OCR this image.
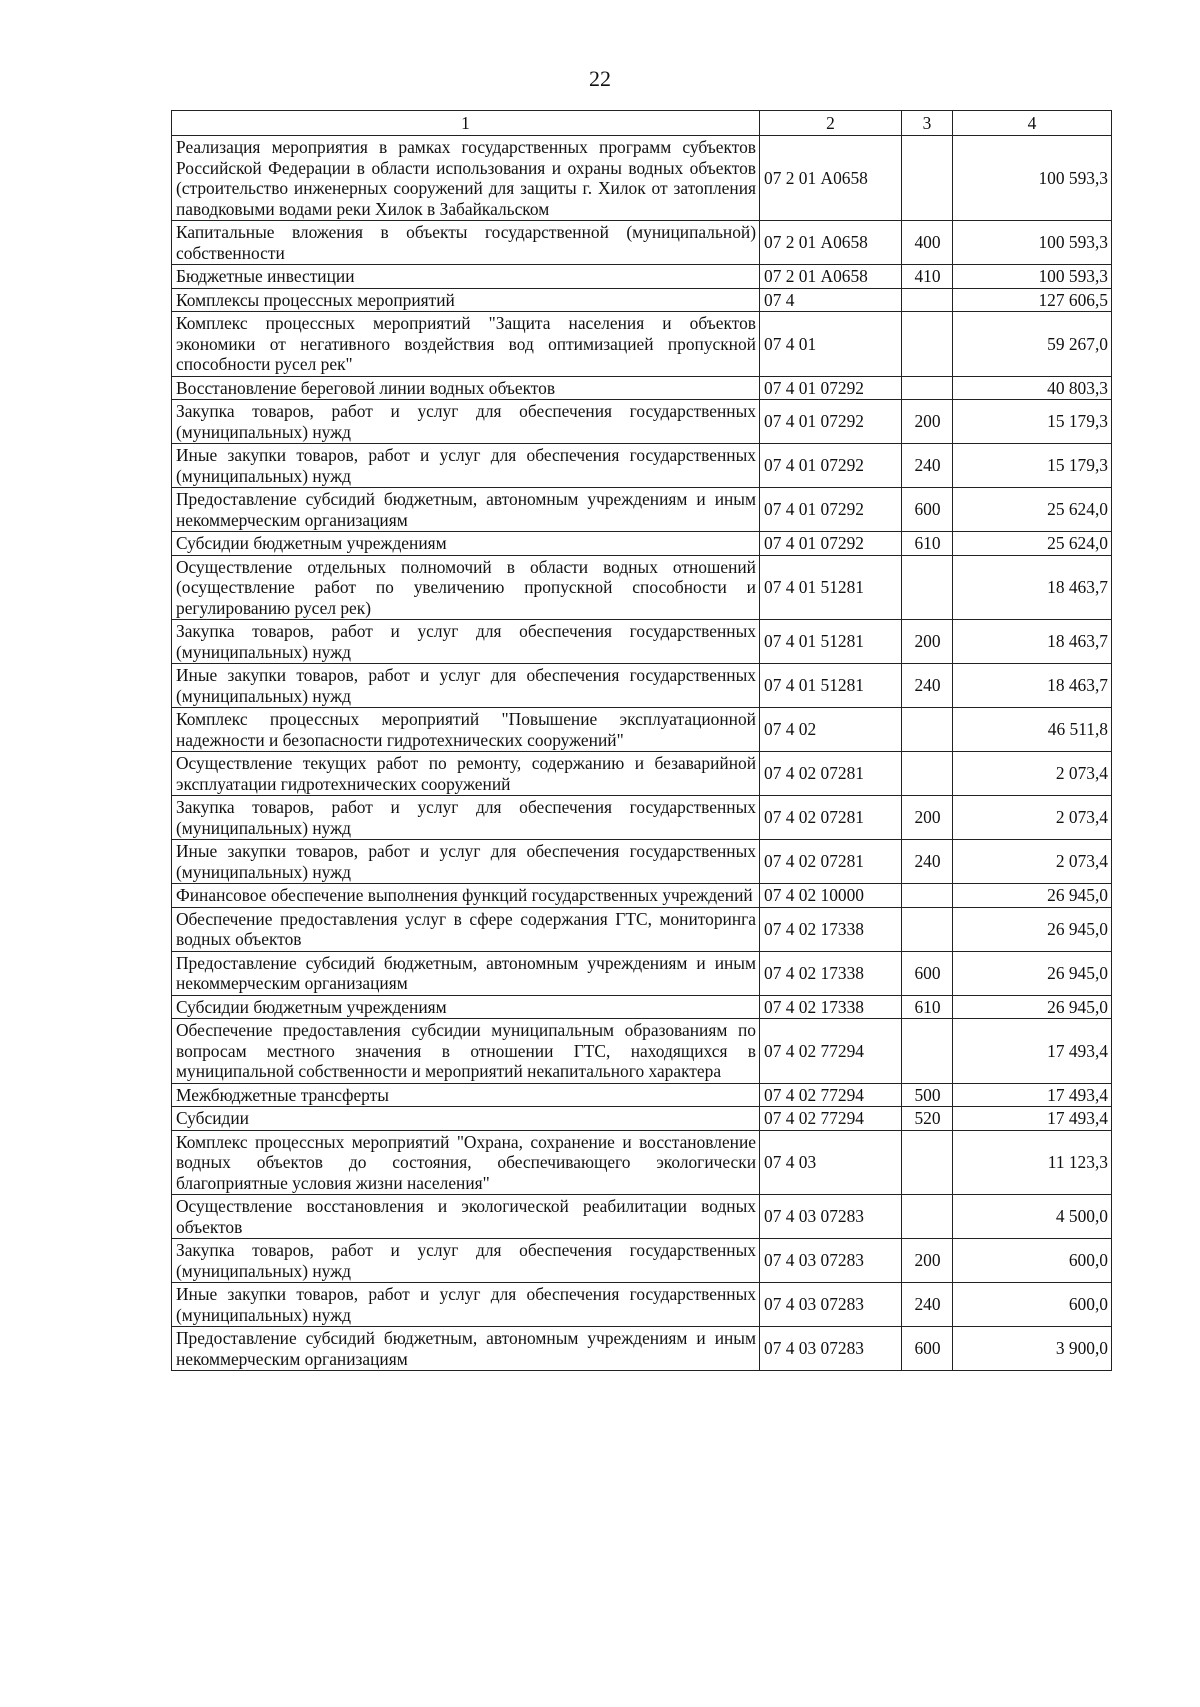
22
1	2	3	4
Реализация мероприятия в рамках государственных программ субъектов Российской Федерации в области использования и охраны водных объектов (строительство инженерных сооружений для защиты г. Хилок от затопления паводковыми водами реки Хилок в Забайкальском	07 2 01 А0658		100 593,3
Капитальные вложения в объекты государственной (муниципальной) собственности	07 2 01 А0658	400	100 593,3
Бюджетные инвестиции	07 2 01 А0658	410	100 593,3
Комплексы процессных мероприятий	07 4		127 606,5
Комплекс процессных мероприятий "Защита населения и объектов экономики от негативного воздействия вод оптимизацией пропускной способности русел рек"	07 4 01		59 267,0
Восстановление береговой линии водных объектов	07 4 01 07292		40 803,3
Закупка товаров, работ и услуг для обеспечения государственных (муниципальных) нужд	07 4 01 07292	200	15 179,3
Иные закупки товаров, работ и услуг для обеспечения государственных (муниципальных) нужд	07 4 01 07292	240	15 179,3
Предоставление субсидий бюджетным, автономным учреждениям и иным некоммерческим организациям	07 4 01 07292	600	25 624,0
Субсидии бюджетным учреждениям	07 4 01 07292	610	25 624,0
Осуществление отдельных полномочий в области водных отношений (осуществление работ по увеличению пропускной способности и регулированию русел рек)	07 4 01 51281		18 463,7
Закупка товаров, работ и услуг для обеспечения государственных (муниципальных) нужд	07 4 01 51281	200	18 463,7
Иные закупки товаров, работ и услуг для обеспечения государственных (муниципальных) нужд	07 4 01 51281	240	18 463,7
Комплекс процессных мероприятий "Повышение эксплуатационной надежности и безопасности гидротехнических сооружений"	07 4 02		46 511,8
Осуществление текущих работ по ремонту, содержанию и безаварийной эксплуатации гидротехнических сооружений	07 4 02 07281		2 073,4
Закупка товаров, работ и услуг для обеспечения государственных (муниципальных) нужд	07 4 02 07281	200	2 073,4
Иные закупки товаров, работ и услуг для обеспечения государственных (муниципальных) нужд	07 4 02 07281	240	2 073,4
Финансовое обеспечение выполнения функций государственных учреждений	07 4 02 10000		26 945,0
Обеспечение предоставления услуг в сфере содержания ГТС, мониторинга водных объектов	07 4 02 17338		26 945,0
Предоставление субсидий бюджетным, автономным учреждениям и иным некоммерческим организациям	07 4 02 17338	600	26 945,0
Субсидии бюджетным учреждениям	07 4 02 17338	610	26 945,0
Обеспечение предоставления субсидии муниципальным образованиям по вопросам местного значения в отношении ГТС, находящихся в муниципальной собственности и мероприятий некапитального характера	07 4 02 77294		17 493,4
Межбюджетные трансферты	07 4 02 77294	500	17 493,4
Субсидии	07 4 02 77294	520	17 493,4
Комплекс процессных мероприятий "Охрана, сохранение и восстановление водных объектов до состояния, обеспечивающего экологически благоприятные условия жизни населения"	07 4 03		11 123,3
Осуществление восстановления и экологической реабилитации водных объектов	07 4 03 07283		4 500,0
Закупка товаров, работ и услуг для обеспечения государственных (муниципальных) нужд	07 4 03 07283	200	600,0
Иные закупки товаров, работ и услуг для обеспечения государственных (муниципальных) нужд	07 4 03 07283	240	600,0
Предоставление субсидий бюджетным, автономным учреждениям и иным некоммерческим организациям	07 4 03 07283	600	3 900,0
